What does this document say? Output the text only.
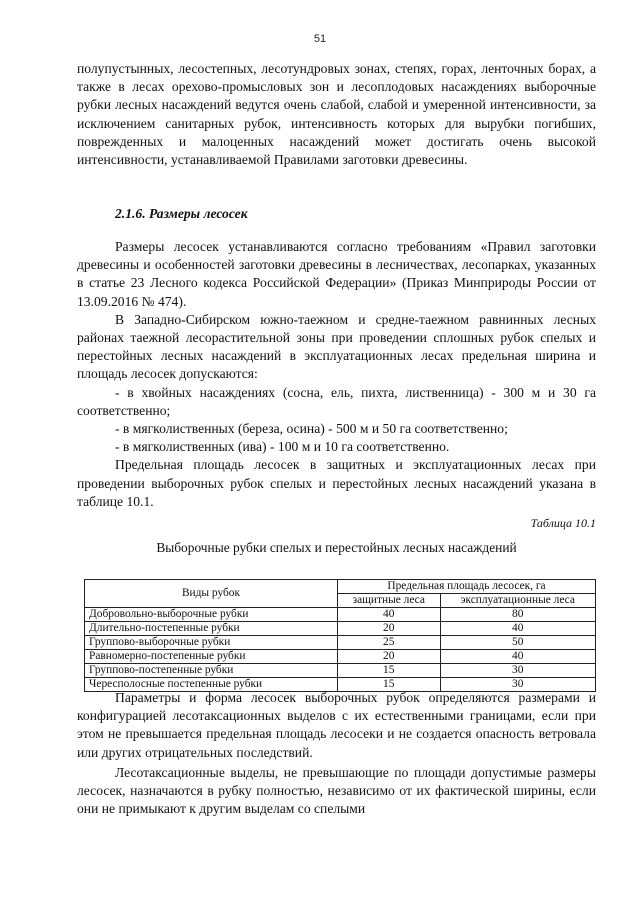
51

полупустынных, лесостепных, лесотундровых зонах, степях, горах, ленточных борах, а также в лесах орехово-промысловых зон и лесоплодовых насаждениях выборочные рубки лесных насаждений ведутся очень слабой, слабой и умеренной интенсивности, за исключением санитарных рубок, интенсивность которых для вырубки погибших, поврежденных и малоценных насаждений может достигать очень высокой интенсивности, устанавливаемой Правилами заготовки древесины.

2.1.6. Размеры лесосек

Размеры лесосек устанавливаются согласно требованиям «Правил заготовки древесины и особенностей заготовки древесины в лесничествах, лесопарках, указанных в статье 23 Лесного кодекса Российской Федерации» (Приказ Минприроды России от 13.09.2016 № 474).

В Западно-Сибирском южно-таежном и средне-таежном равнинных лесных районах таежной лесорастительной зоны при проведении сплошных рубок спелых и перестойных лесных насаждений в эксплуатационных лесах предельная ширина и площадь лесосек допускаются:

- в хвойных насаждениях (сосна, ель, пихта, лиственница) - 300 м и 30 га соответственно;

- в мягколиственных (береза, осина) - 500 м и 50 га соответственно;

- в мягколиственных (ива) - 100 м и 10 га соответственно.

Предельная площадь лесосек в защитных и эксплуатационных лесах при проведении выборочных рубок спелых и перестойных лесных насаждений указана в таблице 10.1.

Таблица 10.1
Выборочные рубки спелых и перестойных лесных насаждений
Виды рубок	Предельная площадь лесосек, га	
	защитные леса	эксплуатационные леса
Добровольно-выборочные рубки	40	80
Длительно-постепенные рубки	20	40
Группово-выборочные рубки	25	50
Равномерно-постепенные рубки	20	40
Группово-постепенные рубки	15	30
Чересполосные постепенные рубки	15	30

Параметры и форма лесосек выборочных рубок определяются размерами и конфигурацией лесотаксационных выделов с их естественными границами, если при этом не превышается предельная площадь лесосеки и не создается опасность ветровала или других отрицательных последствий.

Лесотаксационные выделы, не превышающие по площади допустимые размеры лесосек, назначаются в рубку полностью, независимо от их фактической ширины, если они не примыкают к другим выделам со спелыми
